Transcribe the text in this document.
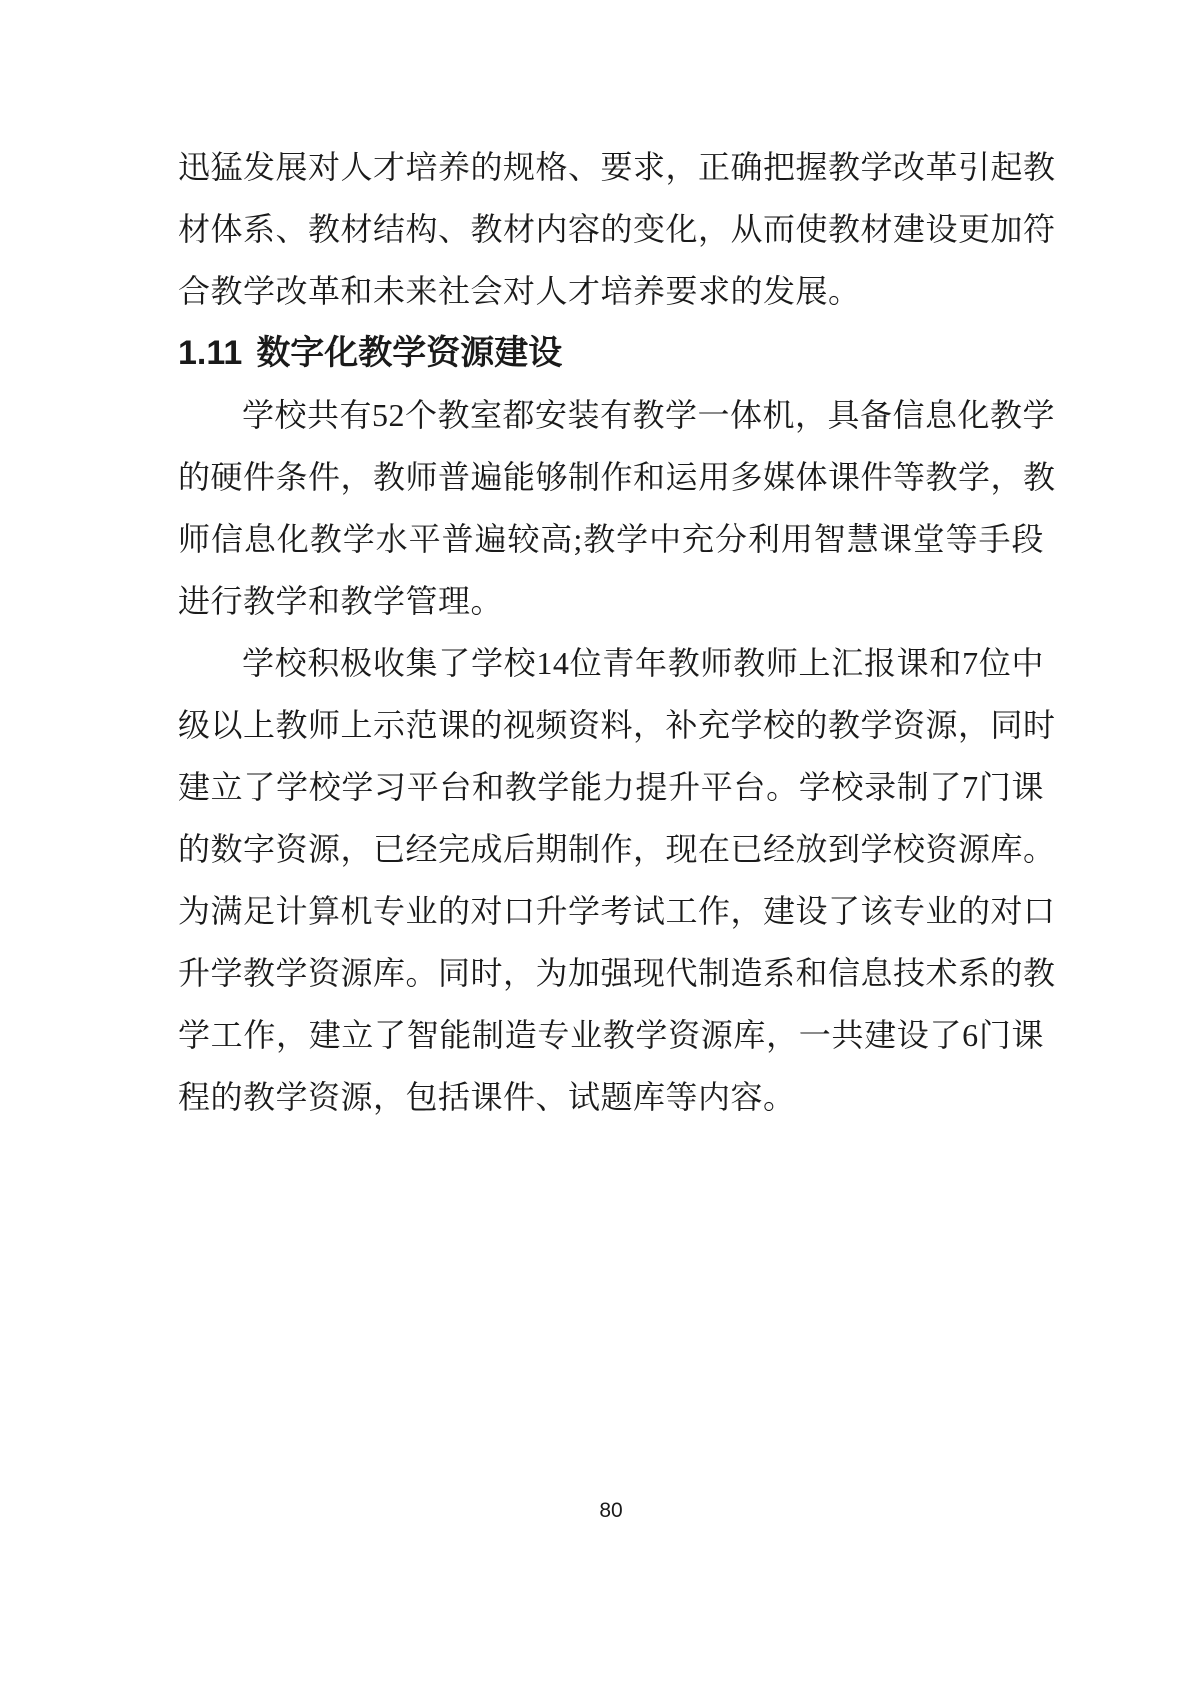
迅猛发展对人才培养的规格、要求，正确把握教学改革引起教
材体系、教材结构、教材内容的变化，从而使教材建设更加符
合教学改革和未来社会对人才培养要求的发展。
1.11 数字化教学资源建设
学校共有52个教室都安装有教学一体机，具备信息化教学
的硬件条件，教师普遍能够制作和运用多媒体课件等教学，教
师信息化教学水平普遍较高;教学中充分利用智慧课堂等手段
进行教学和教学管理。
学校积极收集了学校14位青年教师教师上汇报课和7位中
级以上教师上示范课的视频资料，补充学校的教学资源，同时
建立了学校学习平台和教学能力提升平台。学校录制了7门课
的数字资源，已经完成后期制作，现在已经放到学校资源库。
为满足计算机专业的对口升学考试工作，建设了该专业的对口
升学教学资源库。同时，为加强现代制造系和信息技术系的教
学工作，建立了智能制造专业教学资源库，一共建设了6门课
程的教学资源，包括课件、试题库等内容。
80
